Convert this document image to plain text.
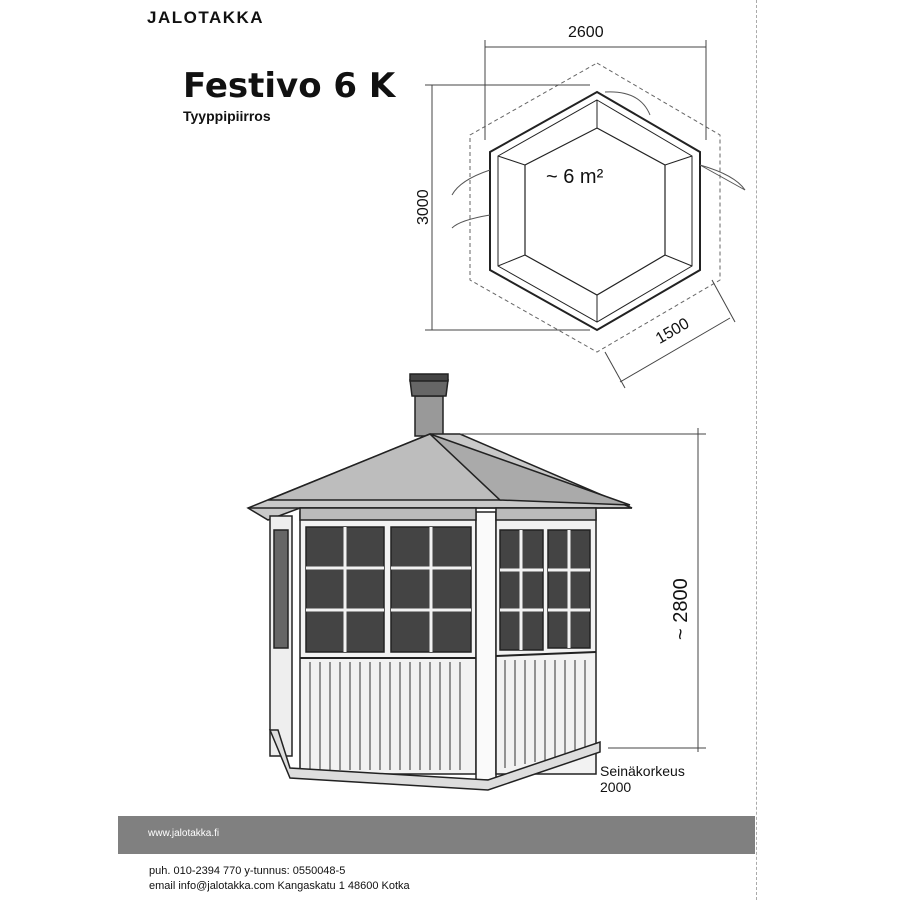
JALOTAKKA
Festivo 6 K
Tyyppipiirros
2600
3000
1500
~ 6 m²
~ 2800
Seinäkorkeus
2000
www.jalotakka.fi
puh. 010-2394 770 y-tunnus: 0550048-5
email info@jalotakka.com Kangaskatu 1 48600 Kotka
